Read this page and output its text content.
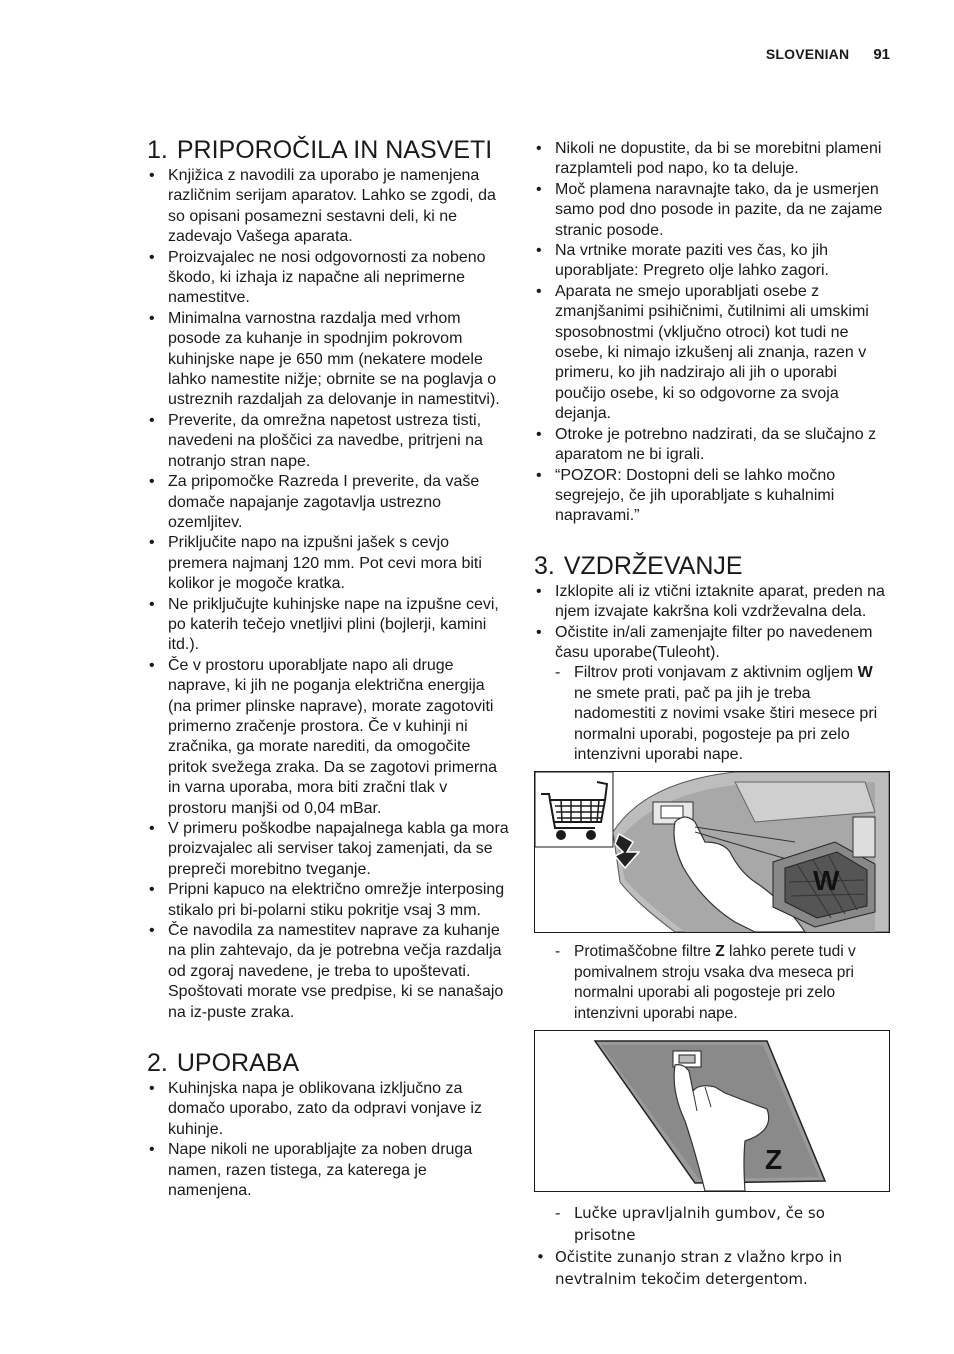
SLOVENIAN 91
1. PRIPOROČILA IN NASVETI
• Knjižica z navodili za uporabo je namenjena različnim serijam aparatov. Lahko se zgodi, da so opisani posamezni sestavni deli, ki ne zadevajo Vašega aparata.
• Proizvajalec ne nosi odgovornosti za nobeno škodo, ki izhaja iz napačne ali neprimerne namestitve.
• Minimalna varnostna razdalja med vrhom posode za kuhanje in spodnjim pokrovom kuhinjske nape je 650 mm (nekatere modele lahko namestite nižje; obrnite se na poglavja o ustreznih razdaljah za delovanje in namestitvi).
• Preverite, da omrežna napetost ustreza tisti, navedeni na ploščici za navedbe, pritrjeni na notranjo stran nape.
• Za pripomočke Razreda I preverite, da vaše domače napajanje zagotavlja ustrezno ozemljitev.
• Priključite napo na izpušni jašek s cevjo premera najmanj 120 mm. Pot cevi mora biti kolikor je mogoče kratka.
• Ne priključujte kuhinjske nape na izpušne cevi, po katerih tečejo vnetljivi plini (bojlerji, kamini itd.).
• Če v prostoru uporabljate napo ali druge naprave, ki jih ne poganja električna energija (na primer plinske naprave), morate zagotoviti primerno zračenje prostora. Če v kuhinji ni zračnika, ga morate narediti, da omogočite pritok svežega zraka. Da se zagotovi primerna in varna uporaba, mora biti zračni tlak v prostoru manjši od 0,04 mBar.
• V primeru poškodbe napajalnega kabla ga mora proizvajalec ali serviser takoj zamenjati, da se prepreči morebitno tveganje.
• Pripni kapuco na električno omrežje interposing stikalo pri bi-polarni stiku pokritje vsaj 3 mm.
• Če navodila za namestitev naprave za kuhanje na plin zahtevajo, da je potrebna večja razdalja od zgoraj navedene, je treba to upoštevati. Spoštovati morate vse predpise, ki se nanašajo na iz-puste zraka.
2. UPORABA
• Kuhinjska napa je oblikovana izključno za domačo uporabo, zato da odpravi vonjave iz kuhinje.
• Nape nikoli ne uporabljajte za noben druga namen, razen tistega, za katerega je namenjena.
• Nikoli ne dopustite, da bi se morebitni plameni razplamteli pod napo, ko ta deluje.
• Moč plamena naravnajte tako, da je usmerjen samo pod dno posode in pazite, da ne zajame stranic posode.
• Na vrtnike morate paziti ves čas, ko jih uporabljate: Pregreto olje lahko zagori.
• Aparata ne smejo uporabljati osebe z zmanjšanimi psihičnimi, čutilnimi ali umskimi sposobnostmi (vključno otroci) kot tudi ne osebe, ki nimajo izkušenj ali znanja, razen v primeru, ko jih nadzirajo ali jih o uporabi poučijo osebe, ki so odgovorne za svoja dejanja.
• Otroke je potrebno nadzirati, da se slučajno z aparatom ne bi igrali.
• “POZOR: Dostopni deli se lahko močno segrejejo, če jih uporabljate s kuhalnimi napravami.”
3. VZDRŽEVANJE
• Izklopite ali iz vtični iztaknite aparat, preden na njem izvajate kakršna koli vzdrževalna dela.
• Očistite in/ali zamenjajte filter po navedenem času uporabe(Tuleoht).
- Filtrov proti vonjavam z aktivnim ogljem W ne smete prati, pač pa jih je treba nadomestiti z novimi vsake štiri mesece pri normalni uporabi, pogosteje pa pri zelo intenzivni uporabi nape.
W
- Protimaščobne filtre Z lahko perete tudi v pomivalnem stroju vsaka dva meseca pri normalni uporabi ali pogosteje pri zelo intenzivni uporabi nape.
Z
- Lučke upravljalnih gumbov, če so prisotne
• Očistite zunanjo stran z vlažno krpo in nevtralnim tekočim detergentom.
